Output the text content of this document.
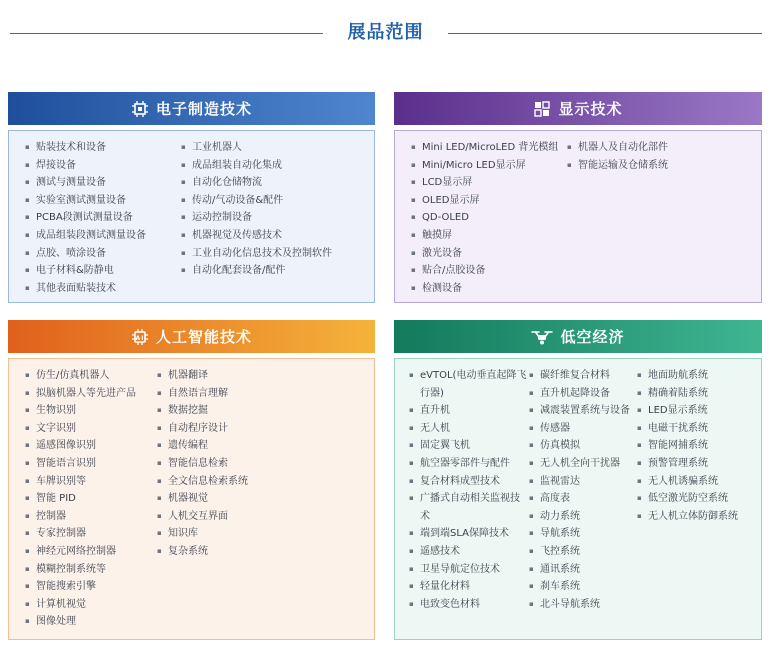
展品范围
电子制造技术
▪ 贴装技术和设备
▪ 焊接设备
▪ 测试与测量设备
▪ 实验室测试测量设备
▪ PCBA段测试测量设备
▪ 成品组装段测试测量设备
▪ 点胶、喷涂设备
▪ 电子材料&防静电
▪ 其他表面贴装技术
▪ 工业机器人
▪ 成品组装自动化集成
▪ 自动化仓储物流
▪ 传动/气动设备&配件
▪ 运动控制设备
▪ 机器视觉及传感技术
▪ 工业自动化信息技术及控制软件
▪ 自动化配套设备/配件
显示技术
▪ Mini LED/MicroLED 背光模组
▪ Mini/Micro LED显示屏
▪ LCD显示屏
▪ OLED显示屏
▪ QD-OLED
▪ 触摸屏
▪ 激光设备
▪ 贴合/点胶设备
▪ 检测设备
▪ 机器人及自动化部件
▪ 智能运输及仓储系统
AI 人工智能技术
▪ 仿生/仿真机器人
▪ 拟脑机器人等先进产品
▪ 生物识别
▪ 文字识别
▪ 遥感图像识别
▪ 智能语言识别
▪ 车牌识别等
▪ 智能 PID
▪ 控制器
▪ 专家控制器
▪ 神经元网络控制器
▪ 模糊控制系统等
▪ 智能搜索引擎
▪ 计算机视觉
▪ 图像处理
▪ 机器翻译
▪ 自然语言理解
▪ 数据挖掘
▪ 自动程序设计
▪ 遗传编程
▪ 智能信息检索
▪ 全文信息检索系统
▪ 机器视觉
▪ 人机交互界面
▪ 知识库
▪ 复杂系统
低空经济
▪ eVTOL(电动垂直起降飞行器)
▪ 直升机
▪ 无人机
▪ 固定翼飞机
▪ 航空器零部件与配件
▪ 复合材料成型技术
▪ 广播式自动相关监视技术
▪ 端到端SLA保障技术
▪ 遥感技术
▪ 卫星导航定位技术
▪ 轻量化材料
▪ 电致变色材料
▪ 碳纤维复合材料
▪ 直升机起降设备
▪ 减震装置系统与设备
▪ 传感器
▪ 仿真模拟
▪ 无人机全向干扰器
▪ 监视雷达
▪ 高度表
▪ 动力系统
▪ 导航系统
▪ 飞控系统
▪ 通讯系统
▪ 刹车系统
▪ 北斗导航系统
▪ 地面助航系统
▪ 精确着陆系统
▪ LED显示系统
▪ 电磁干扰系统
▪ 智能网捕系统
▪ 预警管理系统
▪ 无人机诱骗系统
▪ 低空激光防空系统
▪ 无人机立体防御系统
